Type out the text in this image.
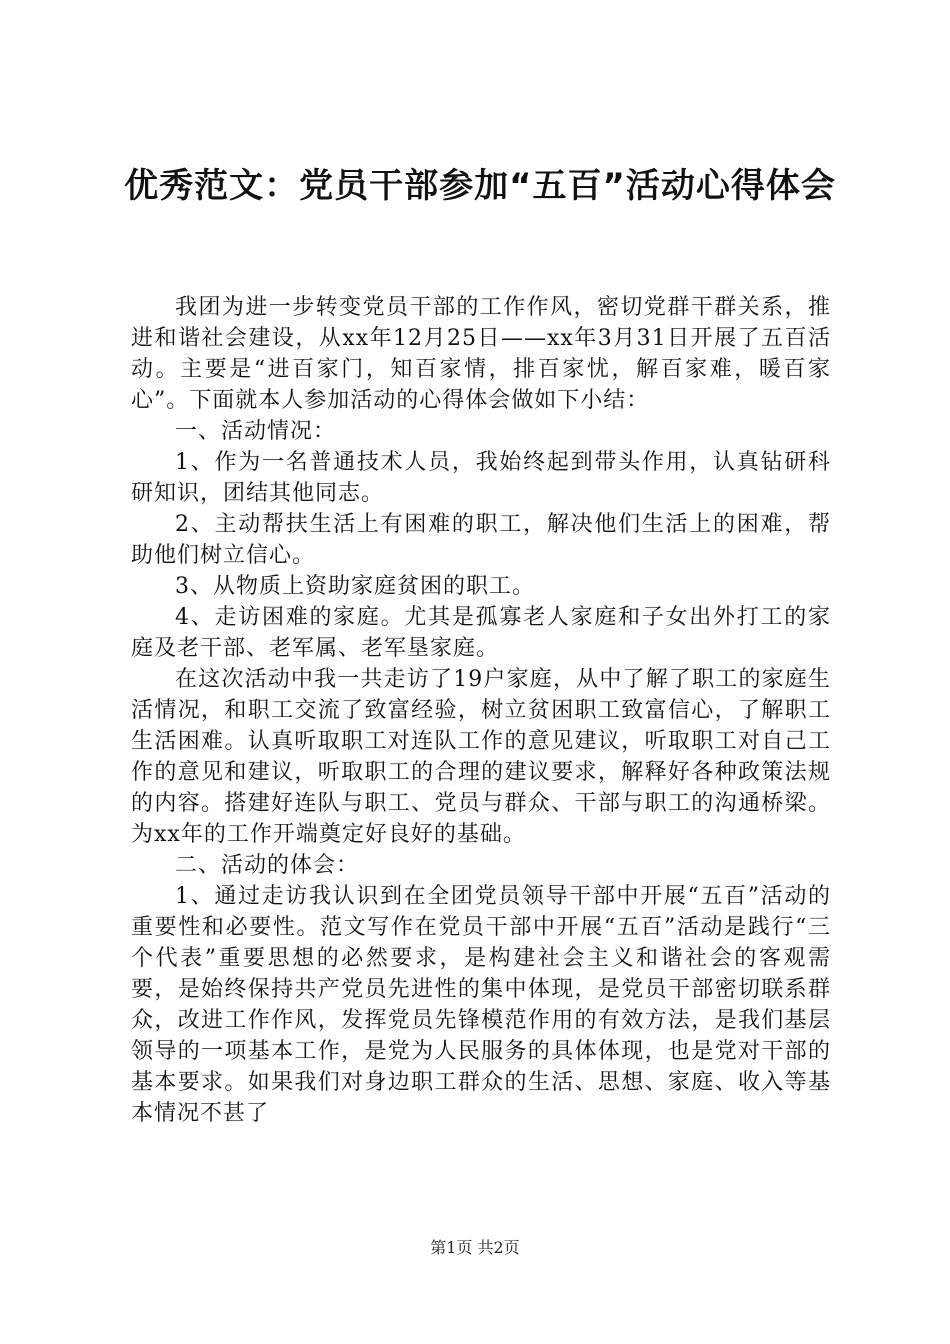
优秀范文：党员干部参加“五百”活动心得体会

我团为进一步转变党员干部的工作作风，密切党群干群关系，推进和谐社会建设，从xx年12月25日——xx年3月31日开展了五百活动。主要是“进百家门，知百家情，排百家忧，解百家难，暖百家心”。下面就本人参加活动的心得体会做如下小结：

一、活动情况：

1、作为一名普通技术人员，我始终起到带头作用，认真钻研科研知识，团结其他同志。

2、主动帮扶生活上有困难的职工，解决他们生活上的困难，帮助他们树立信心。

3、从物质上资助家庭贫困的职工。

4、走访困难的家庭。尤其是孤寡老人家庭和子女出外打工的家庭及老干部、老军属、老军垦家庭。

在这次活动中我一共走访了19户家庭，从中了解了职工的家庭生活情况，和职工交流了致富经验，树立贫困职工致富信心，了解职工生活困难。认真听取职工对连队工作的意见建议，听取职工对自己工作的意见和建议，听取职工的合理的建议要求，解释好各种政策法规的内容。搭建好连队与职工、党员与群众、干部与职工的沟通桥梁。为xx年的工作开端奠定好良好的基础。

二、活动的体会：

1、通过走访我认识到在全团党员领导干部中开展“五百”活动的重要性和必要性。范文写作在党员干部中开展“五百”活动是践行“三个代表”重要思想的必然要求，是构建社会主义和谐社会的客观需要，是始终保持共产党员先进性的集中体现，是党员干部密切联系群众，改进工作作风，发挥党员先锋模范作用的有效方法，是我们基层领导的一项基本工作，是党为人民服务的具体体现，也是党对干部的基本要求。如果我们对身边职工群众的生活、思想、家庭、收入等基本情况不甚了

第1页 共2页
